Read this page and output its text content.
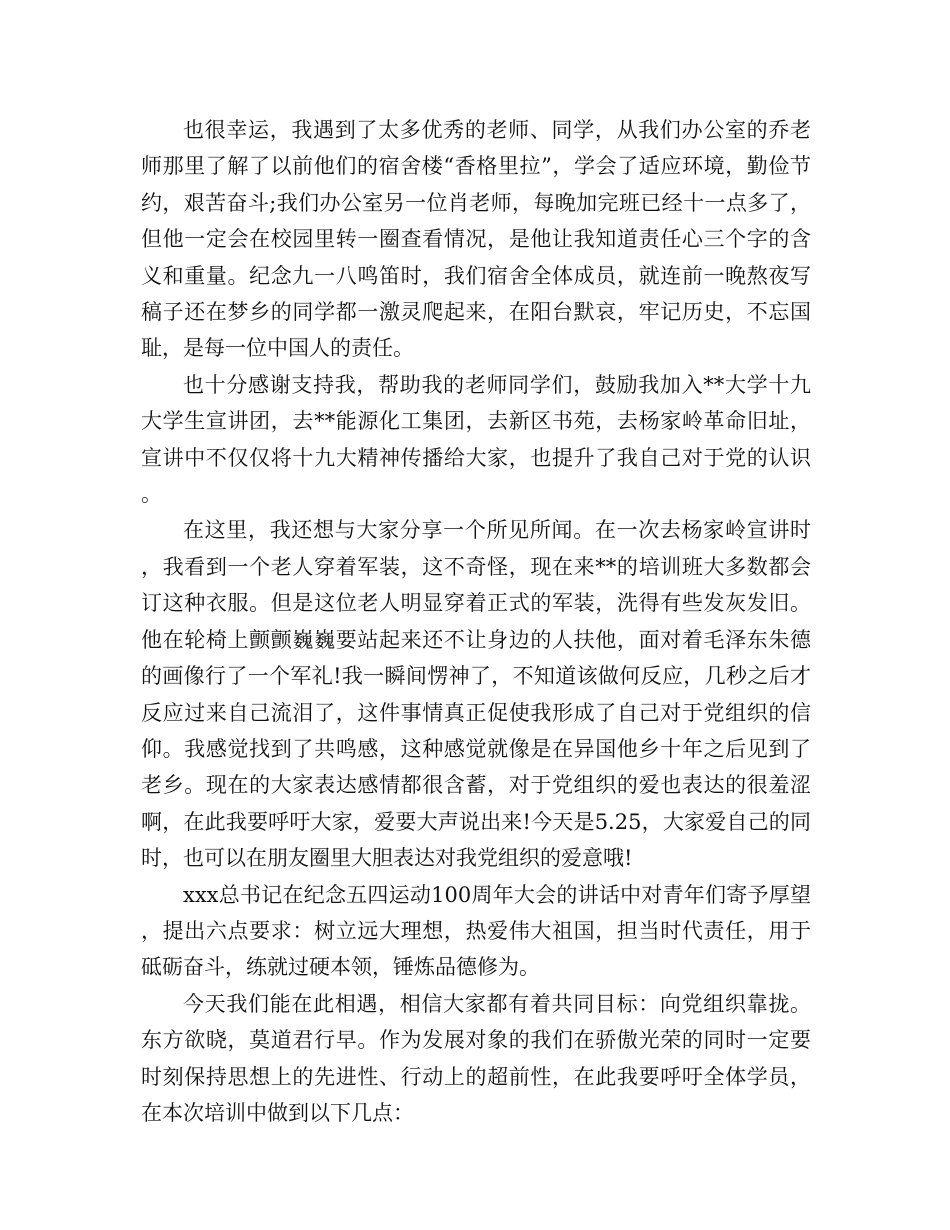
也很幸运，我遇到了太多优秀的老师、同学，从我们办公室的乔老师那里了解了以前他们的宿舍楼“香格里拉”，学会了适应环境，勤俭节约，艰苦奋斗;我们办公室另一位肖老师，每晚加完班已经十一点多了，但他一定会在校园里转一圈查看情况，是他让我知道责任心三个字的含义和重量。纪念九一八鸣笛时，我们宿舍全体成员，就连前一晚熬夜写稿子还在梦乡的同学都一激灵爬起来，在阳台默哀，牢记历史，不忘国耻，是每一位中国人的责任。

也十分感谢支持我，帮助我的老师同学们，鼓励我加入**大学十九大学生宣讲团，去**能源化工集团，去新区书苑，去杨家岭革命旧址，宣讲中不仅仅将十九大精神传播给大家，也提升了我自己对于党的认识。

在这里，我还想与大家分享一个所见所闻。在一次去杨家岭宣讲时，我看到一个老人穿着军装，这不奇怪，现在来**的培训班大多数都会订这种衣服。但是这位老人明显穿着正式的军装，洗得有些发灰发旧。他在轮椅上颤颤巍巍要站起来还不让身边的人扶他，面对着毛泽东朱德的画像行了一个军礼!我一瞬间愣神了，不知道该做何反应，几秒之后才反应过来自己流泪了，这件事情真正促使我形成了自己对于党组织的信仰。我感觉找到了共鸣感，这种感觉就像是在异国他乡十年之后见到了老乡。现在的大家表达感情都很含蓄，对于党组织的爱也表达的很羞涩啊，在此我要呼吁大家，爱要大声说出来!今天是5.25，大家爱自己的同时，也可以在朋友圈里大胆表达对我党组织的爱意哦!

xxx总书记在纪念五四运动100周年大会的讲话中对青年们寄予厚望，提出六点要求：树立远大理想，热爱伟大祖国，担当时代责任，用于砥砺奋斗，练就过硬本领，锤炼品德修为。

今天我们能在此相遇，相信大家都有着共同目标：向党组织靠拢。东方欲晓，莫道君行早。作为发展对象的我们在骄傲光荣的同时一定要时刻保持思想上的先进性、行动上的超前性，在此我要呼吁全体学员，在本次培训中做到以下几点：
